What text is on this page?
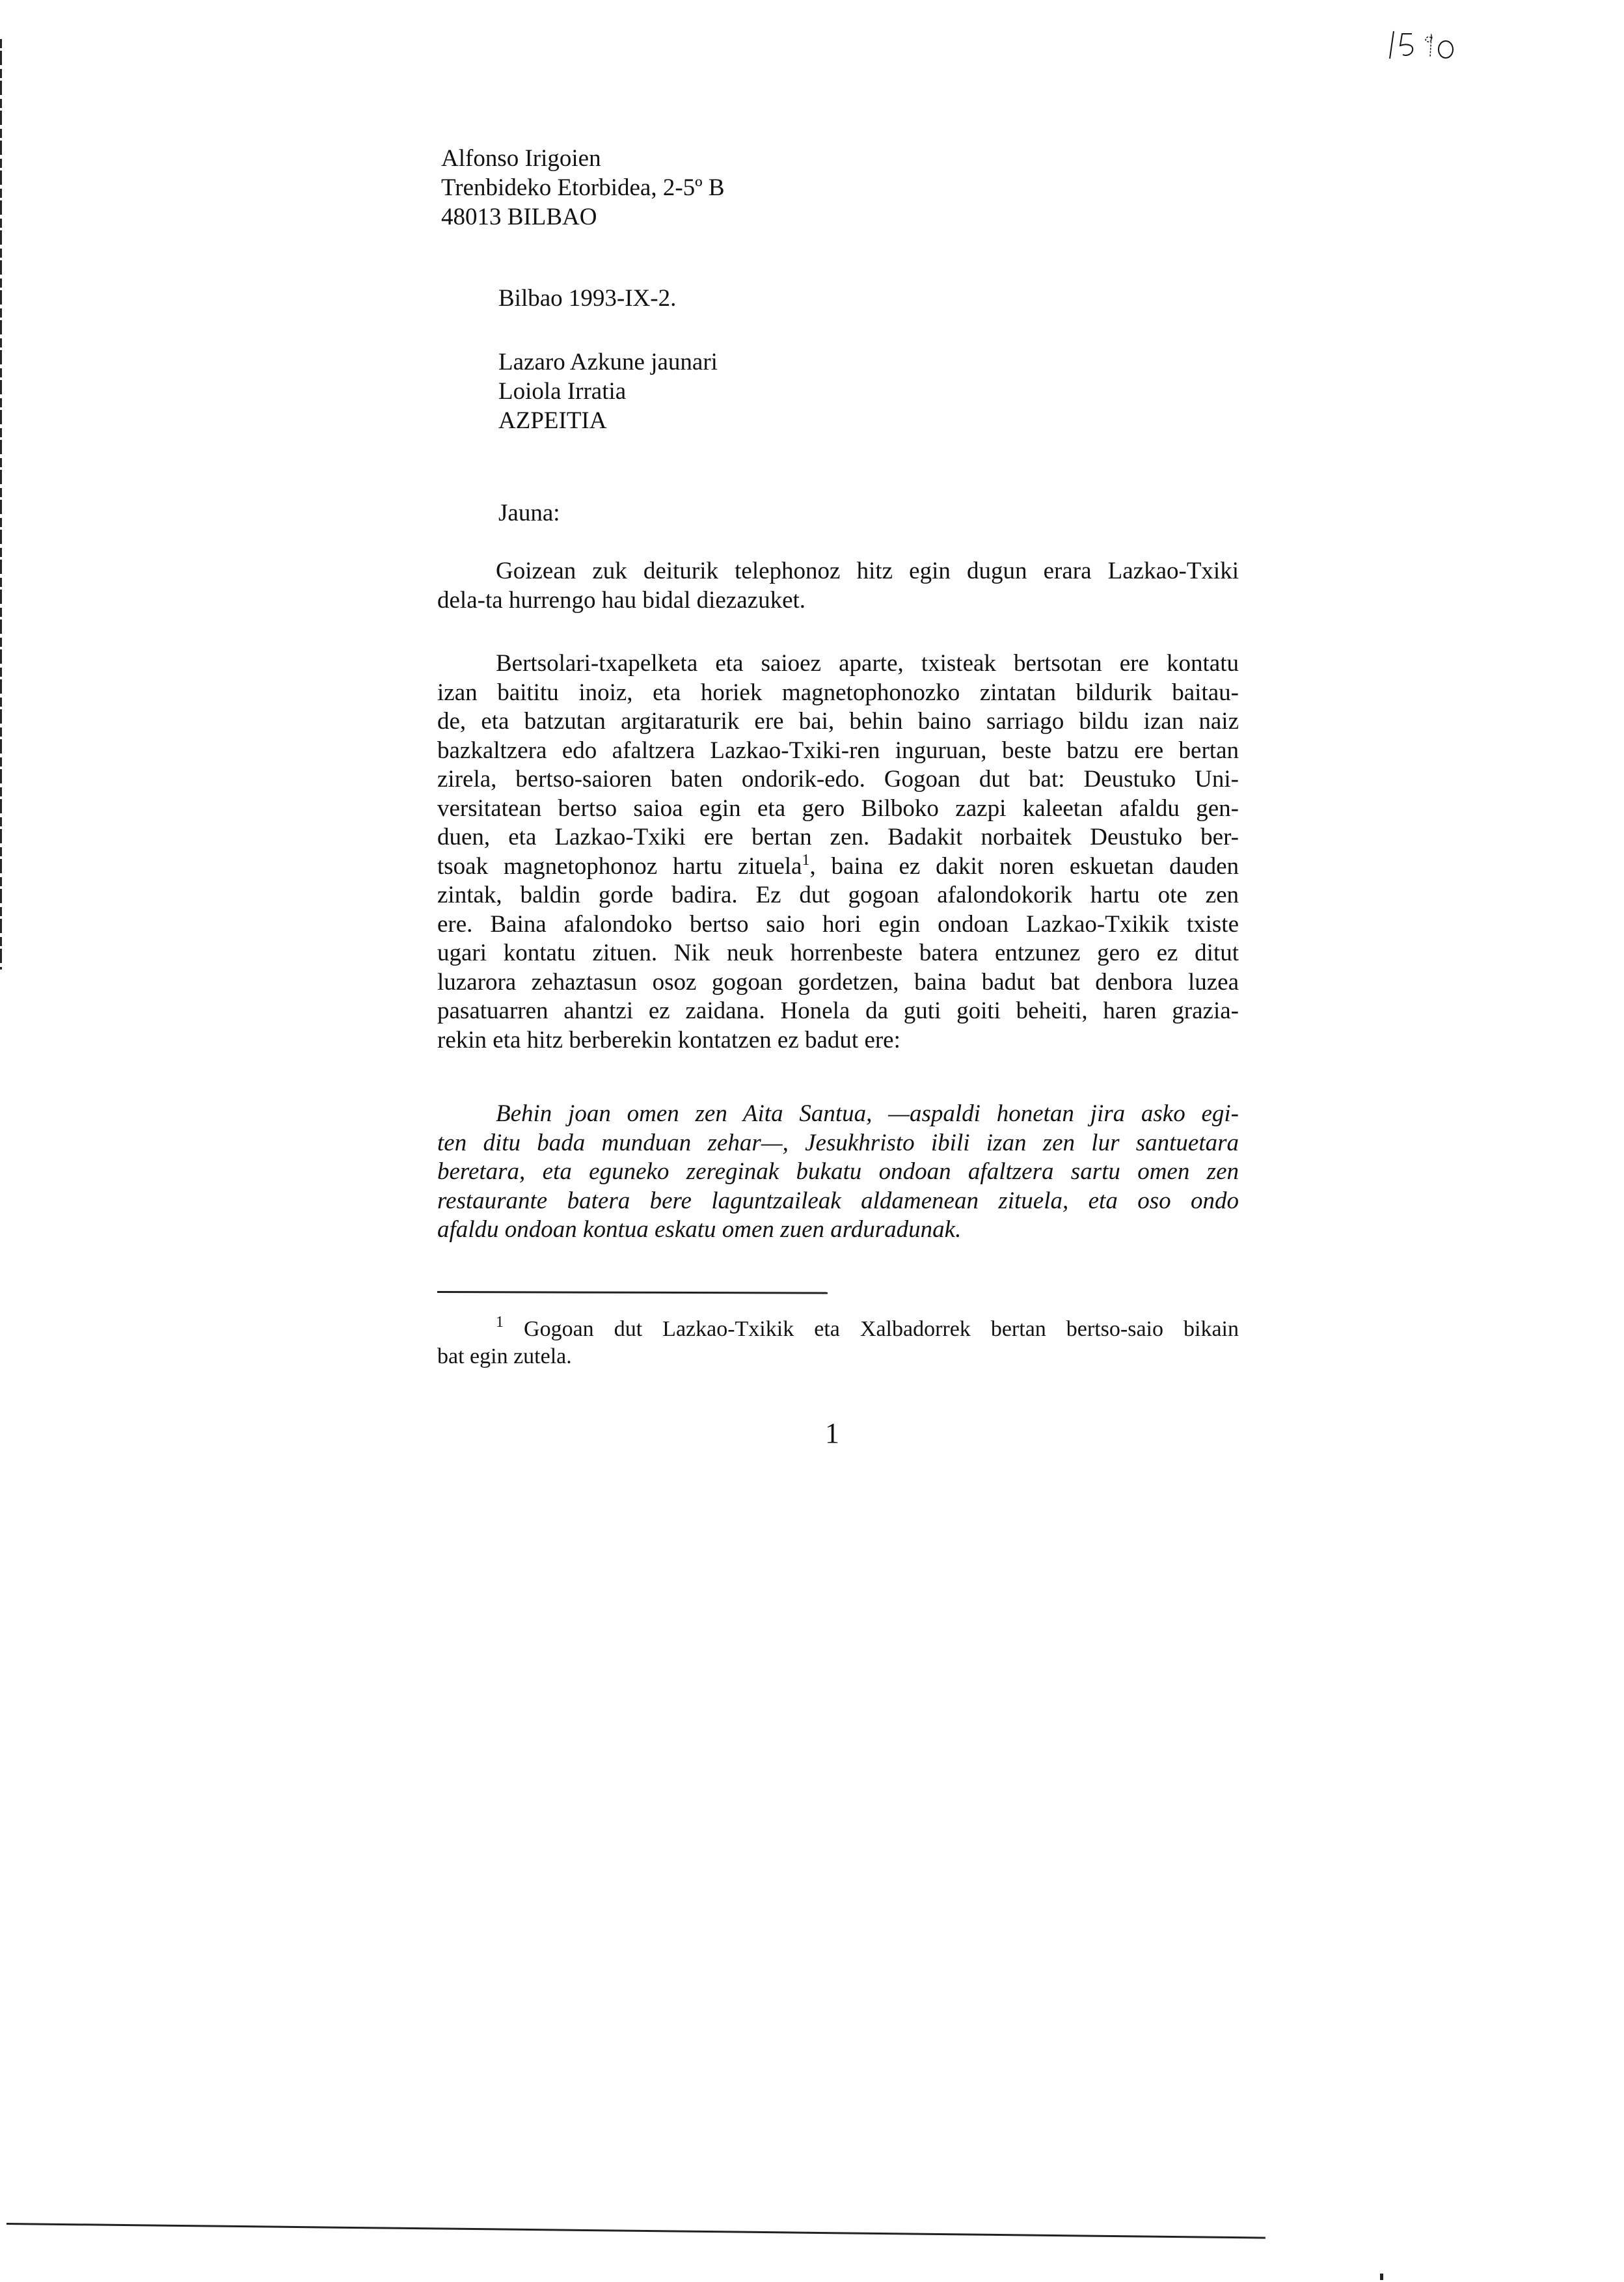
Alfonso Irigoien
Trenbideko Etorbidea, 2-5º B
48013 BILBAO
Bilbao 1993-IX-2.
Lazaro Azkune jaunari
Loiola Irratia
AZPEITIA
Jauna:
Goizean zuk deiturik telephonoz hitz egin dugun erara Lazkao-Txiki
dela-ta hurrengo hau bidal diezazuket.
Bertsolari-txapelketa eta saioez aparte, txisteak bertsotan ere kontatu
izan baititu inoiz, eta horiek magnetophonozko zintatan bildurik baitau-
de, eta batzutan argitaraturik ere bai, behin baino sarriago bildu izan naiz
bazkaltzera edo afaltzera Lazkao-Txiki-ren inguruan, beste batzu ere bertan
zirela, bertso-saioren baten ondorik-edo. Gogoan dut bat: Deustuko Uni-
versitatean bertso saioa egin eta gero Bilboko zazpi kaleetan afaldu gen-
duen, eta Lazkao-Txiki ere bertan zen. Badakit norbaitek Deustuko ber-
tsoak magnetophonoz hartu zituela$^1$, baina ez dakit noren eskuetan dauden
zintak, baldin gorde badira. Ez dut gogoan afalondokorik hartu ote zen
ere. Baina afalondoko bertso saio hori egin ondoan Lazkao-Txikik txiste
ugari kontatu zituen. Nik neuk horrenbeste batera entzunez gero ez ditut
luzarora zehaztasun osoz gogoan gordetzen, baina badut bat denbora luzea
pasatuarren ahantzi ez zaidana. Honela da guti goiti beheiti, haren grazia-
rekin eta hitz berberekin kontatzen ez badut ere:
Behin joan omen zen Aita Santua, —aspaldi honetan jira asko egi-
ten ditu bada munduan zehar—, Jesukhristo ibili izan zen lur santuetara
beretara, eta eguneko zereginak bukatu ondoan afaltzera sartu omen zen
restaurante batera bere laguntzaileak aldamenean zituela, eta oso ondo
afaldu ondoan kontua eskatu omen zuen arduradunak.
$^1$ Gogoan dut Lazkao-Txikik eta Xalbadorrek bertan bertso-saio bikain
bat egin zutela.
1
